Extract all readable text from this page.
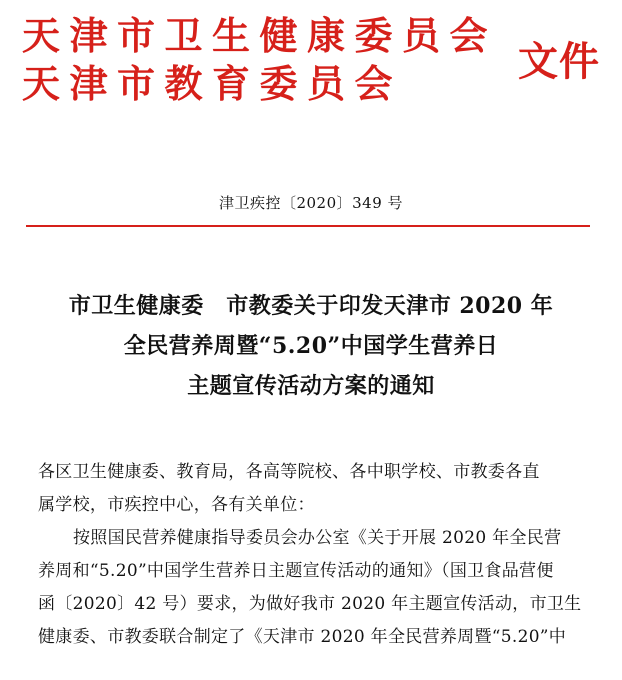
天津市卫生健康委员会
天津市教育委员会	文件
津卫疾控〔2020〕349 号
市卫生健康委　市教委关于印发天津市 2020 年
全民营养周暨“5.20”中国学生营养日
主题宣传活动方案的通知
各区卫生健康委、教育局，各高等院校、各中职学校、市教委各直
属学校，市疾控中心，各有关单位：
按照国民营养健康指导委员会办公室《关于开展 2020 年全民营
养周和“5.20”中国学生营养日主题宣传活动的通知》（国卫食品营便
函〔2020〕42 号）要求，为做好我市 2020 年主题宣传活动，市卫生
健康委、市教委联合制定了《天津市 2020 年全民营养周暨“5.20”中
